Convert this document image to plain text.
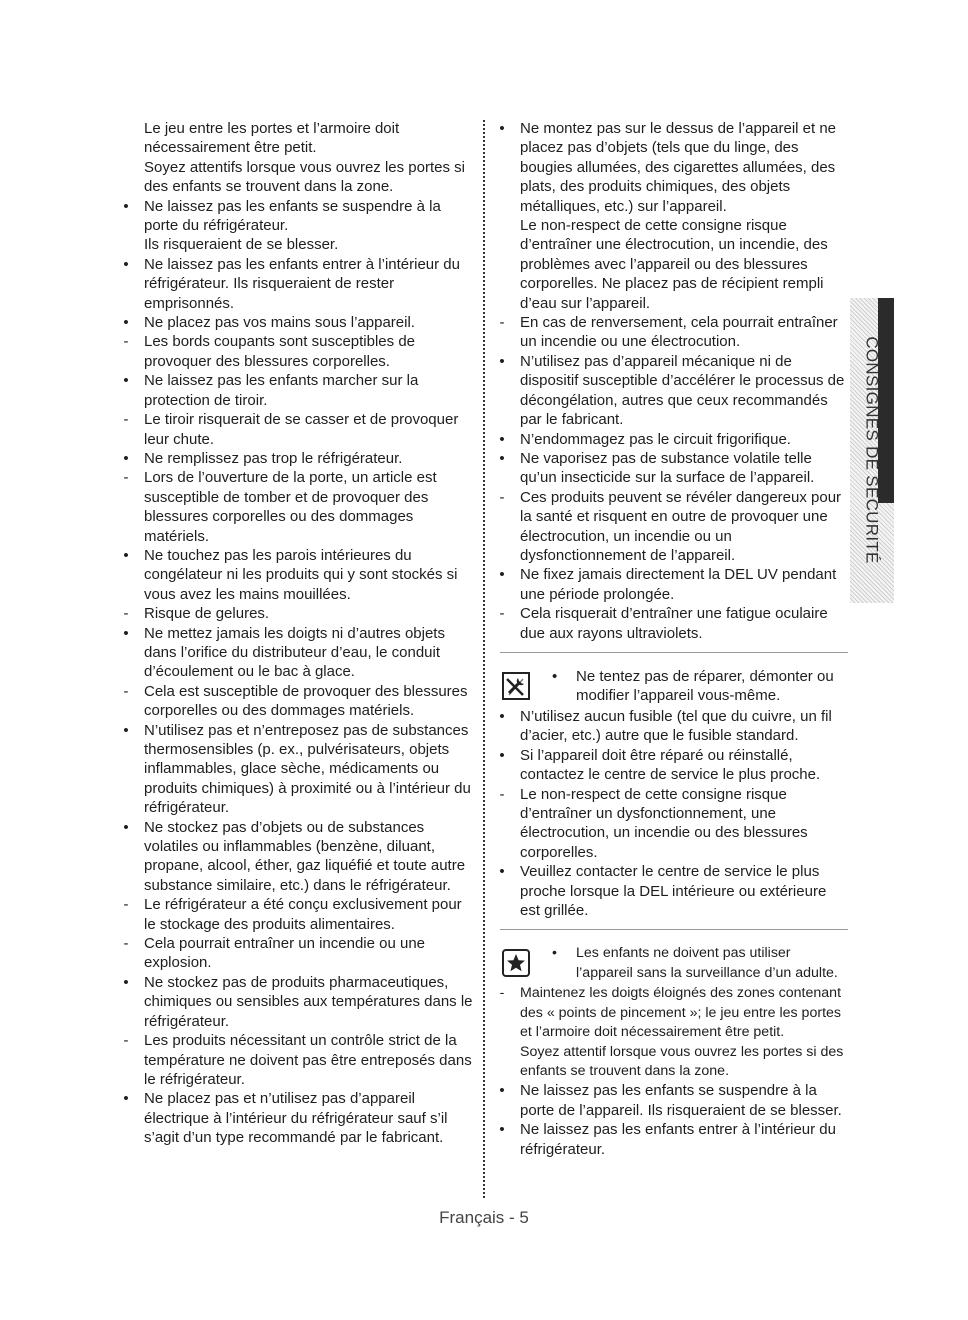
Le jeu entre les portes et l’armoire doit nécessairement être petit.
Soyez attentifs lorsque vous ouvrez les portes si des enfants se trouvent dans la zone.
•	Ne laissez pas les enfants se suspendre à la porte du réfrigérateur.
Ils risqueraient de se blesser.
•	Ne laissez pas les enfants entrer à l’intérieur du réfrigérateur. Ils risqueraient de rester emprisonnés.
•	Ne placez pas vos mains sous l’appareil.
-	Les bords coupants sont susceptibles de provoquer des blessures corporelles.
•	Ne laissez pas les enfants marcher sur la protection de tiroir.
-	Le tiroir risquerait de se casser et de provoquer leur chute.
•	Ne remplissez pas trop le réfrigérateur.
-	Lors de l’ouverture de la porte, un article est susceptible de tomber et de provoquer des blessures corporelles ou des dommages matériels.
•	Ne touchez pas les parois intérieures du congélateur ni les produits qui y sont stockés si vous avez les mains mouillées.
-	Risque de gelures.
•	Ne mettez jamais les doigts ni d’autres objets dans l’orifice du distributeur d’eau, le conduit d’écoulement ou le bac à glace.
-	Cela est susceptible de provoquer des blessures corporelles ou des dommages matériels.
•	N’utilisez pas et n’entreposez pas de substances thermosensibles (p. ex., pulvérisateurs, objets inflammables, glace sèche, médicaments ou produits chimiques) à proximité ou à l’intérieur du réfrigérateur.
•	Ne stockez pas d’objets ou de substances volatiles ou inflammables (benzène, diluant, propane, alcool, éther, gaz liquéfié et toute autre substance similaire, etc.) dans le réfrigérateur.
-	Le réfrigérateur a été conçu exclusivement pour le stockage des produits alimentaires.
-	Cela pourrait entraîner un incendie ou une explosion.
•	Ne stockez pas de produits pharmaceutiques, chimiques ou sensibles aux températures dans le réfrigérateur.
-	Les produits nécessitant un contrôle strict de la température ne doivent pas être entreposés dans le réfrigérateur.
•	Ne placez pas et n’utilisez pas d’appareil électrique à l’intérieur du réfrigérateur sauf s’il s’agit d’un type recommandé par le fabricant.
•	Ne montez pas sur le dessus de l’appareil et ne placez pas d’objets (tels que du linge, des bougies allumées, des cigarettes allumées, des plats, des produits chimiques, des objets métalliques, etc.) sur l’appareil.
Le non-respect de cette consigne risque d’entraîner une électrocution, un incendie, des problèmes avec l’appareil ou des blessures corporelles. Ne placez pas de récipient rempli d’eau sur l’appareil.
-	En cas de renversement, cela pourrait entraîner un incendie ou une électrocution.
•	N’utilisez pas d’appareil mécanique ni de dispositif susceptible d’accélérer le processus de décongélation, autres que ceux recommandés par le fabricant.
•	N’endommagez pas le circuit frigorifique.
•	Ne vaporisez pas de substance volatile telle qu’un insecticide sur la surface de l’appareil.
-	Ces produits peuvent se révéler dangereux pour la santé et risquent en outre de provoquer une électrocution, un incendie ou un dysfonctionnement de l’appareil.
•	Ne fixez jamais directement la DEL UV pendant une période prolongée.
-	Cela risquerait d’entraîner une fatigue oculaire due aux rayons ultraviolets.
• Ne tentez pas de réparer, démonter ou modifier l’appareil vous-même.
•	N’utilisez aucun fusible (tel que du cuivre, un fil d’acier, etc.) autre que le fusible standard.
•	Si l’appareil doit être réparé ou réinstallé, contactez le centre de service le plus proche.
-	Le non-respect de cette consigne risque d’entraîner un dysfonctionnement, une électrocution, un incendie ou des blessures corporelles.
•	Veuillez contacter le centre de service le plus proche lorsque la DEL intérieure ou extérieure est grillée.
• Les enfants ne doivent pas utiliser l’appareil sans la surveillance d’un adulte.
-	Maintenez les doigts éloignés des zones contenant des « points de pincement »; le jeu entre les portes et l’armoire doit nécessairement être petit.
Soyez attentif lorsque vous ouvrez les portes si des enfants se trouvent dans la zone.
•	Ne laissez pas les enfants se suspendre à la porte de l’appareil. Ils risqueraient de se blesser.
•	Ne laissez pas les enfants entrer à l’intérieur du réfrigérateur.
CONSIGNES DE SÉCURITÉ
Français - 5
